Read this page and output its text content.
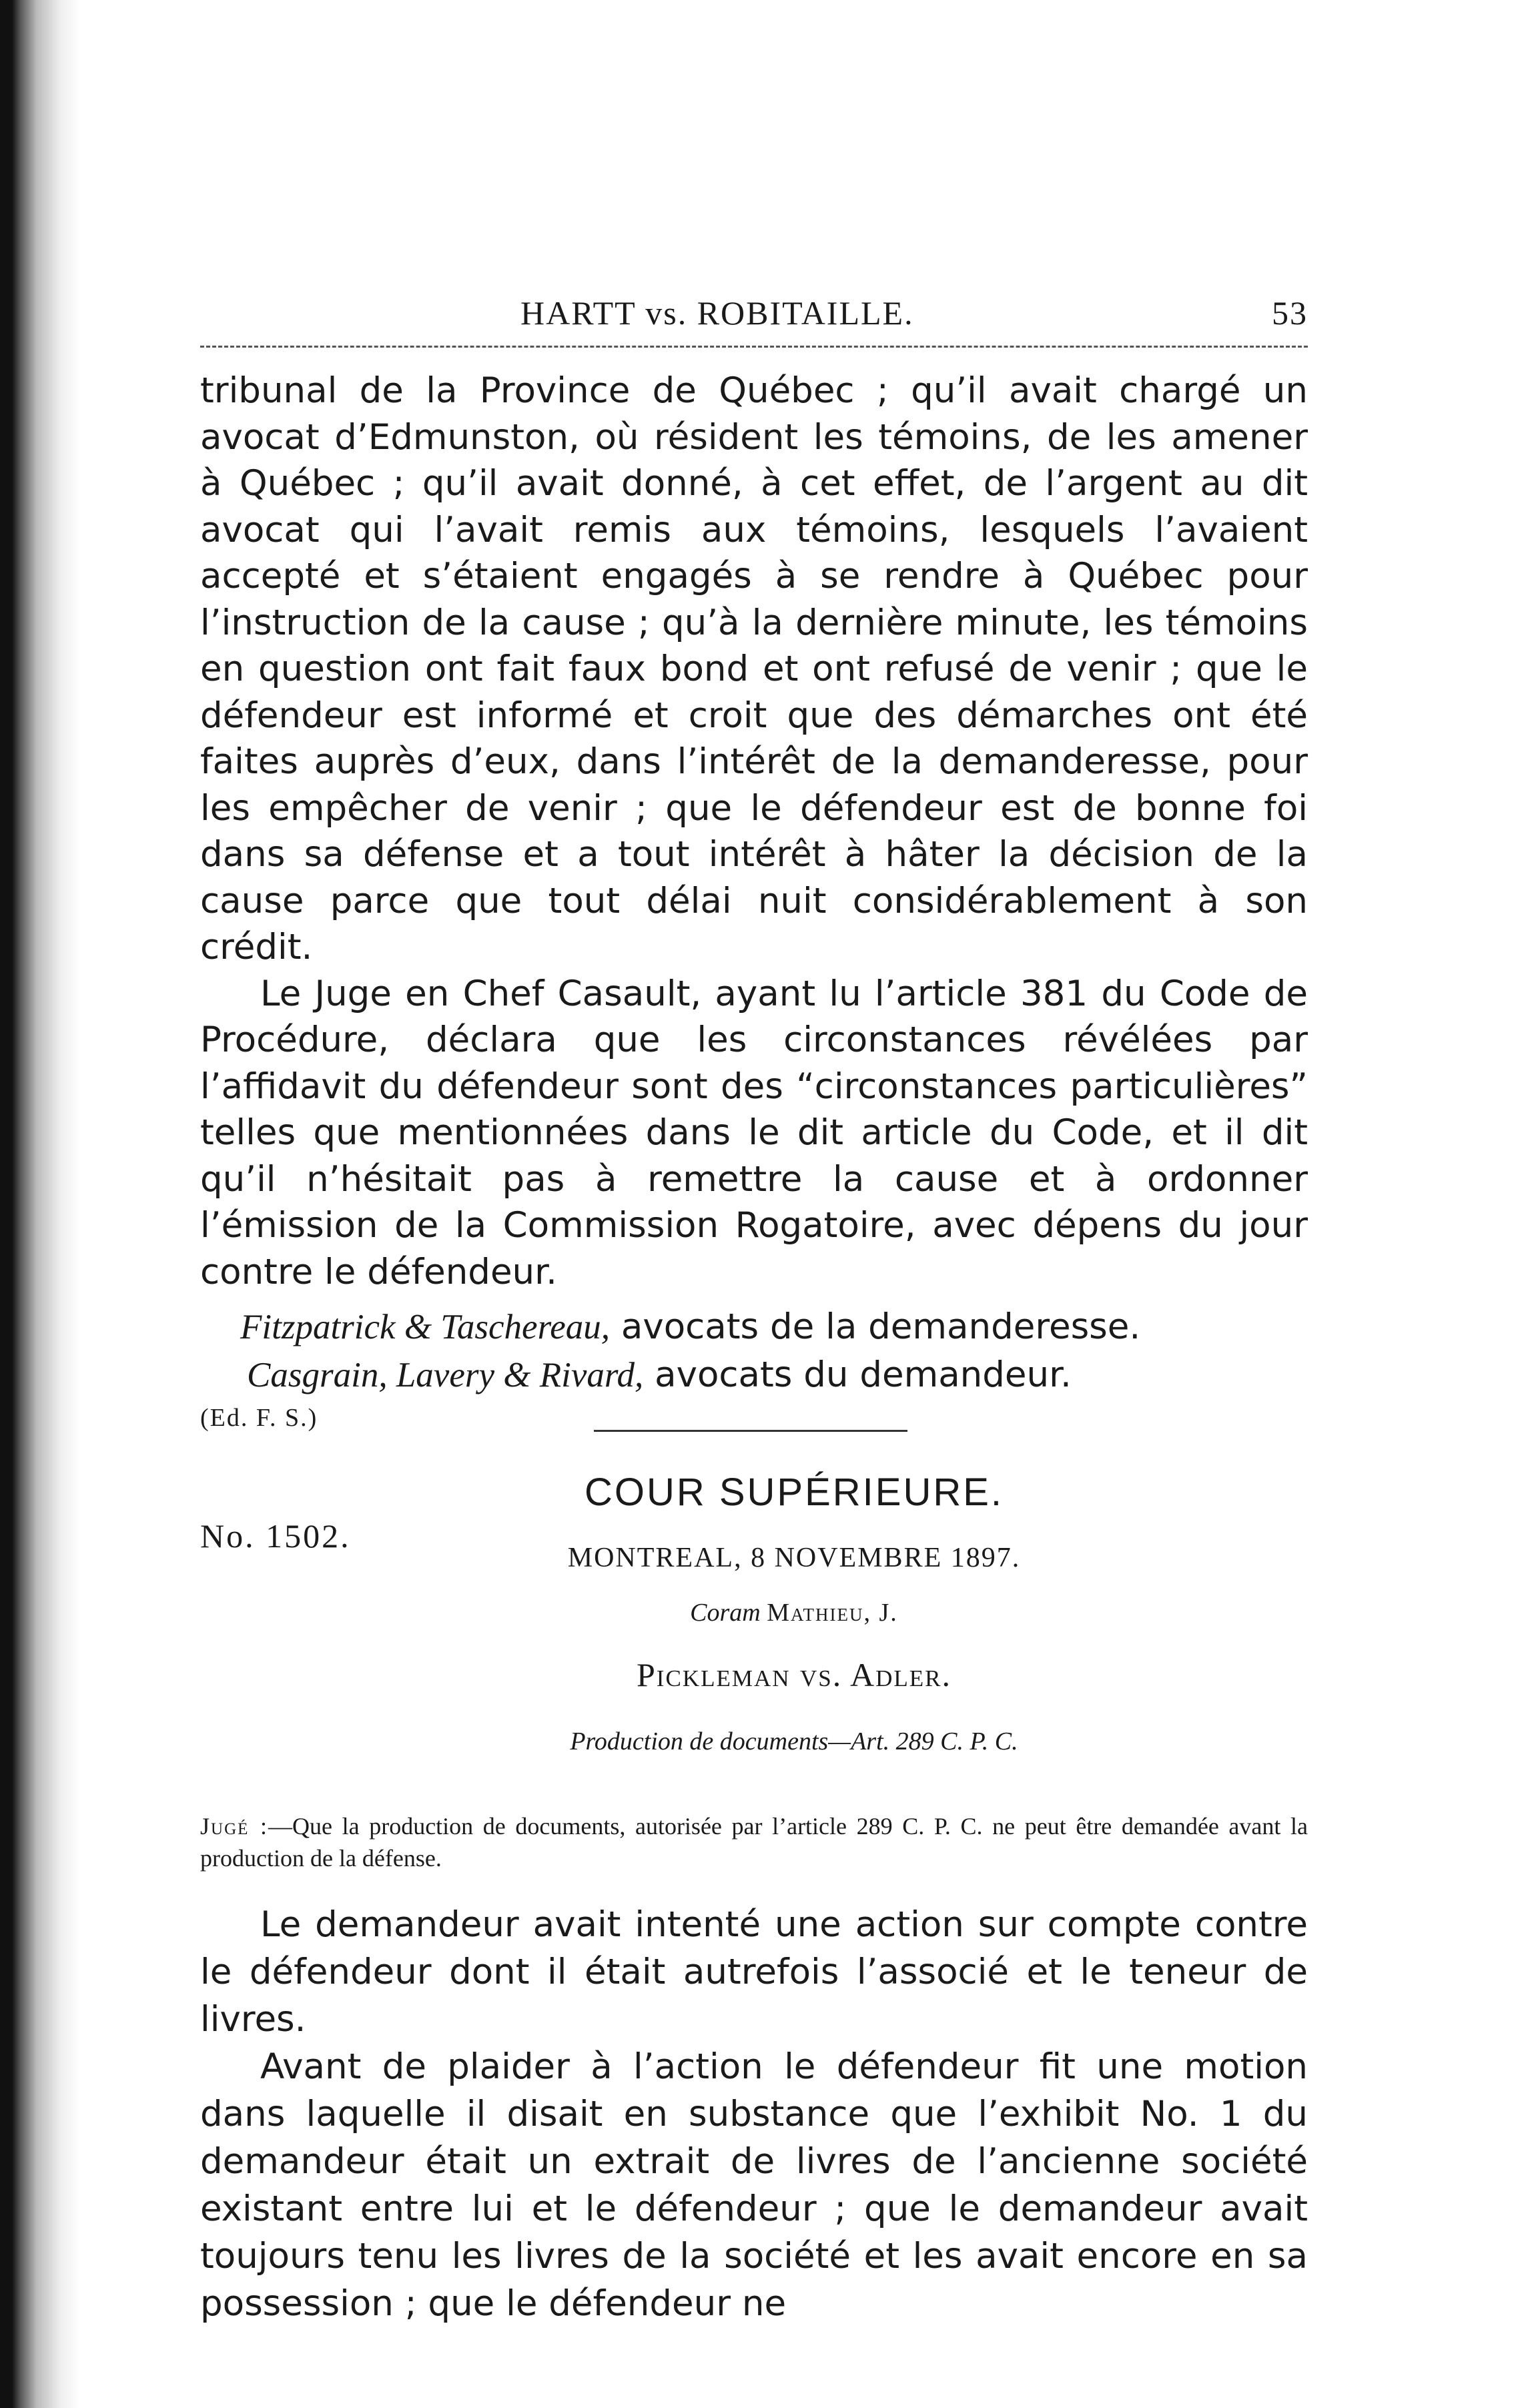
HARTT vs. ROBITAILLE.	53

tribunal de la Province de Québec ; qu’il avait chargé un avocat d’Edmunston, où résident les témoins, de les amener à Québec ; qu’il avait donné, à cet effet, de l’argent au dit avocat qui l’avait remis aux témoins, lesquels l’avaient accepté et s’étaient engagés à se rendre à Québec pour l’instruction de la cause ; qu’à la dernière minute, les témoins en question ont fait faux bond et ont refusé de venir ; que le défendeur est informé et croit que des démarches ont été faites auprès d’eux, dans l’intérêt de la demanderesse, pour les empêcher de venir ; que le défendeur est de bonne foi dans sa défense et a tout intérêt à hâter la décision de la cause parce que tout délai nuit considérablement à son crédit.

Le Juge en Chef Casault, ayant lu l’article 381 du Code de Procédure, déclara que les circonstances révélées par l’affidavit du défendeur sont des “circonstances particulières” telles que mentionnées dans le dit article du Code, et il dit qu’il n’hésitait pas à remettre la cause et à ordonner l’émission de la Commission Rogatoire, avec dépens du jour contre le défendeur.

Fitzpatrick & Taschereau, avocats de la demanderesse.
Casgrain, Lavery & Rivard, avocats du demandeur.
(Ed. F. S.)
No. 1502.
COUR SUPÉRIEURE.
MONTREAL, 8 NOVEMBRE 1897.
Coram Mathieu, J.
Pickleman vs. Adler.
Production de documents—Art. 289 C. P. C.
Jugé :—Que la production de documents, autorisée par l’article 289 C. P. C. ne peut être demandée avant la production de la défense.

Le demandeur avait intenté une action sur compte contre le défendeur dont il était autrefois l’associé et le teneur de livres.

Avant de plaider à l’action le défendeur fit une motion dans laquelle il disait en substance que l’exhibit No. 1 du demandeur était un extrait de livres de l’ancienne société existant entre lui et le défendeur ; que le demandeur avait toujours tenu les livres de la société et les avait encore en sa possession ; que le défendeur ne
